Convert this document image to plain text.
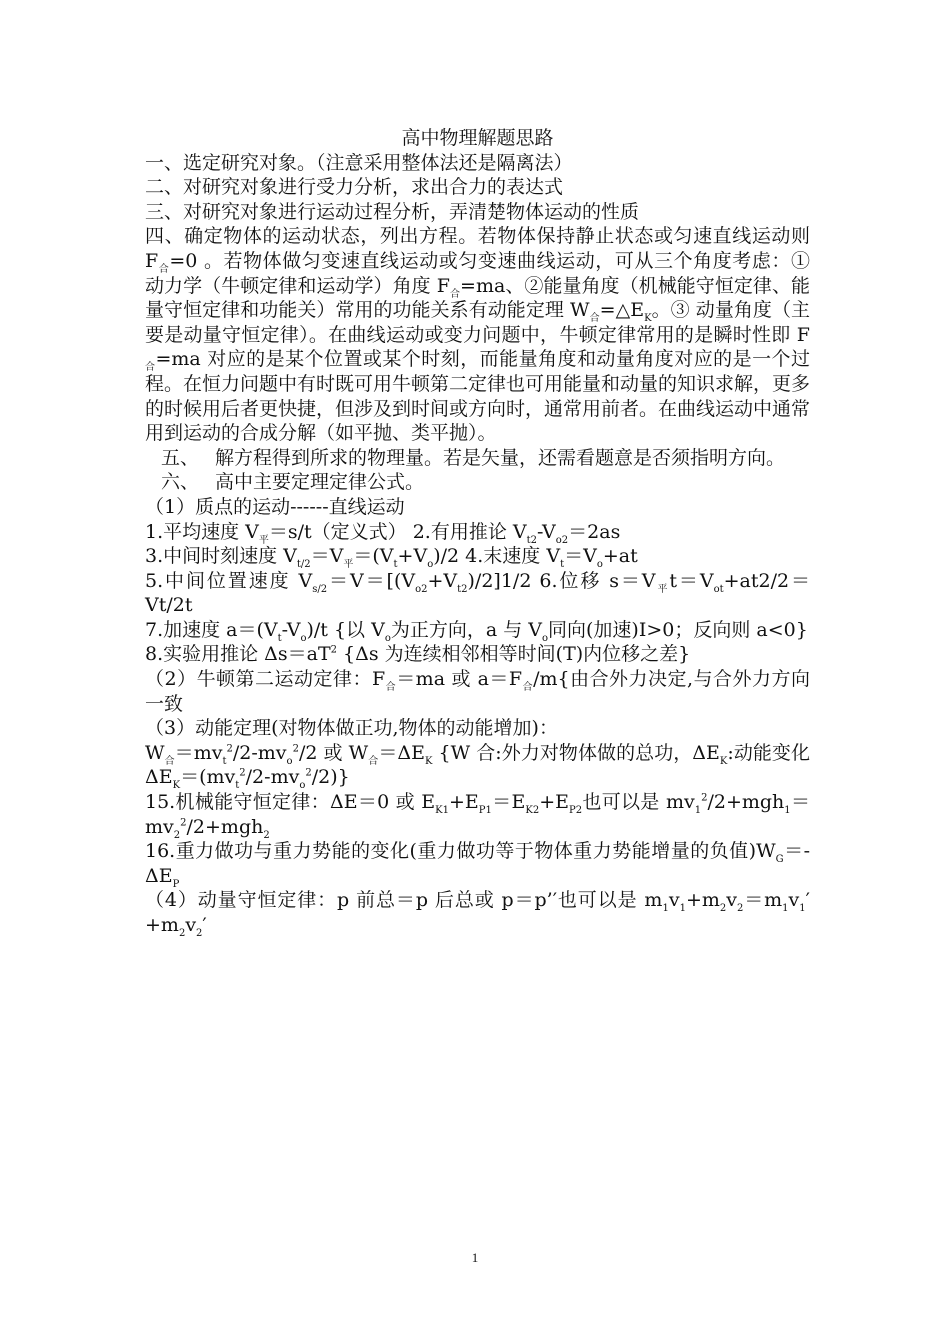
高中物理解题思路
一、选定研究对象。（注意采用整体法还是隔离法）
二、对研究对象进行受力分析，求出合力的表达式
三、对研究对象进行运动过程分析，弄清楚物体运动的性质
四、确定物体的运动状态，列出方程。若物体保持静止状态或匀速直线运动则 $F_合=0$ 。若物体做匀变速直线运动或匀变速曲线运动，可从三个角度考虑：①动力学（牛顿定律和运动学）角度 $F_合=ma$、②能量角度（机械能守恒定律、能量守恒定律和功能关）常用的功能关系有动能定理 $W_合=\triangle E_K$。③ 动量角度（主要是动量守恒定律）。在曲线运动或变力问题中，牛顿定律常用的是瞬时性即 $F_合=ma$ 对应的是某个位置或某个时刻，而能量角度和动量角度对应的是一个过程。在恒力问题中有时既可用牛顿第二定律也可用能量和动量的知识求解，更多的时候用后者更快捷，但涉及到时间或方向时，通常用前者。在曲线运动中通常用到运动的合成分解（如平抛、类平抛）。
五、 解方程得到所求的物理量。若是矢量，还需看题意是否须指明方向。
六、 高中主要定理定律公式。
（1）质点的运动------直线运动
1.平均速度 $V_平=s/t$（定义式） 2.有用推论 $V_{t2}-V_{o2}=2as$
3.中间时刻速度 $V_{t/2}=V_平=(V_t+V_o)/2$ 4.末速度 $V_t=V_o+at$
5.中间位置速度 $V_{s/2}=V=[(V_{o2}+V_{t2})/2]1/2$ 6.位移 $s=V_平t=V_{ot}+at2/2=Vt/2t$
7.加速度 $a=(V_t-V_o)/t$ {以 $V_o$为正方向，a 与 $V_o$同向(加速)I>0；反向则 a<0}
8.实验用推论 $\Delta s=aT^2$ {Δs 为连续相邻相等时间(T)内位移之差}
（2）牛顿第二运动定律：$F_合=ma$ 或 $a=F_合/m${由合外力决定,与合外力方向一致
（3）动能定理(对物体做正功,物体的动能增加)：
$W_合=mv_t^2/2-mv_o^2/2$ 或 $W_合=\Delta E_K$ {W 合:外力对物体做的总功，$\Delta E_K$:动能变化 $\Delta E_K=(mv_t^2/2-mv_o^2/2)$}
15.机械能守恒定律：ΔE＝0 或 $E_{K1}+E_{P1}=E_{K2}+E_{P2}$也可以是 $mv_1^2/2+mgh_1=mv_2^2/2+mgh_2$
16.重力做功与重力势能的变化(重力做功等于物体重力势能增量的负值)$W_G=-\Delta E_P$
（4）动量守恒定律：p 前总＝p 后总或 p＝p’′也可以是 $m_1v_1+m_2v_2=m_1v_1'+m_2v_2'$
1
